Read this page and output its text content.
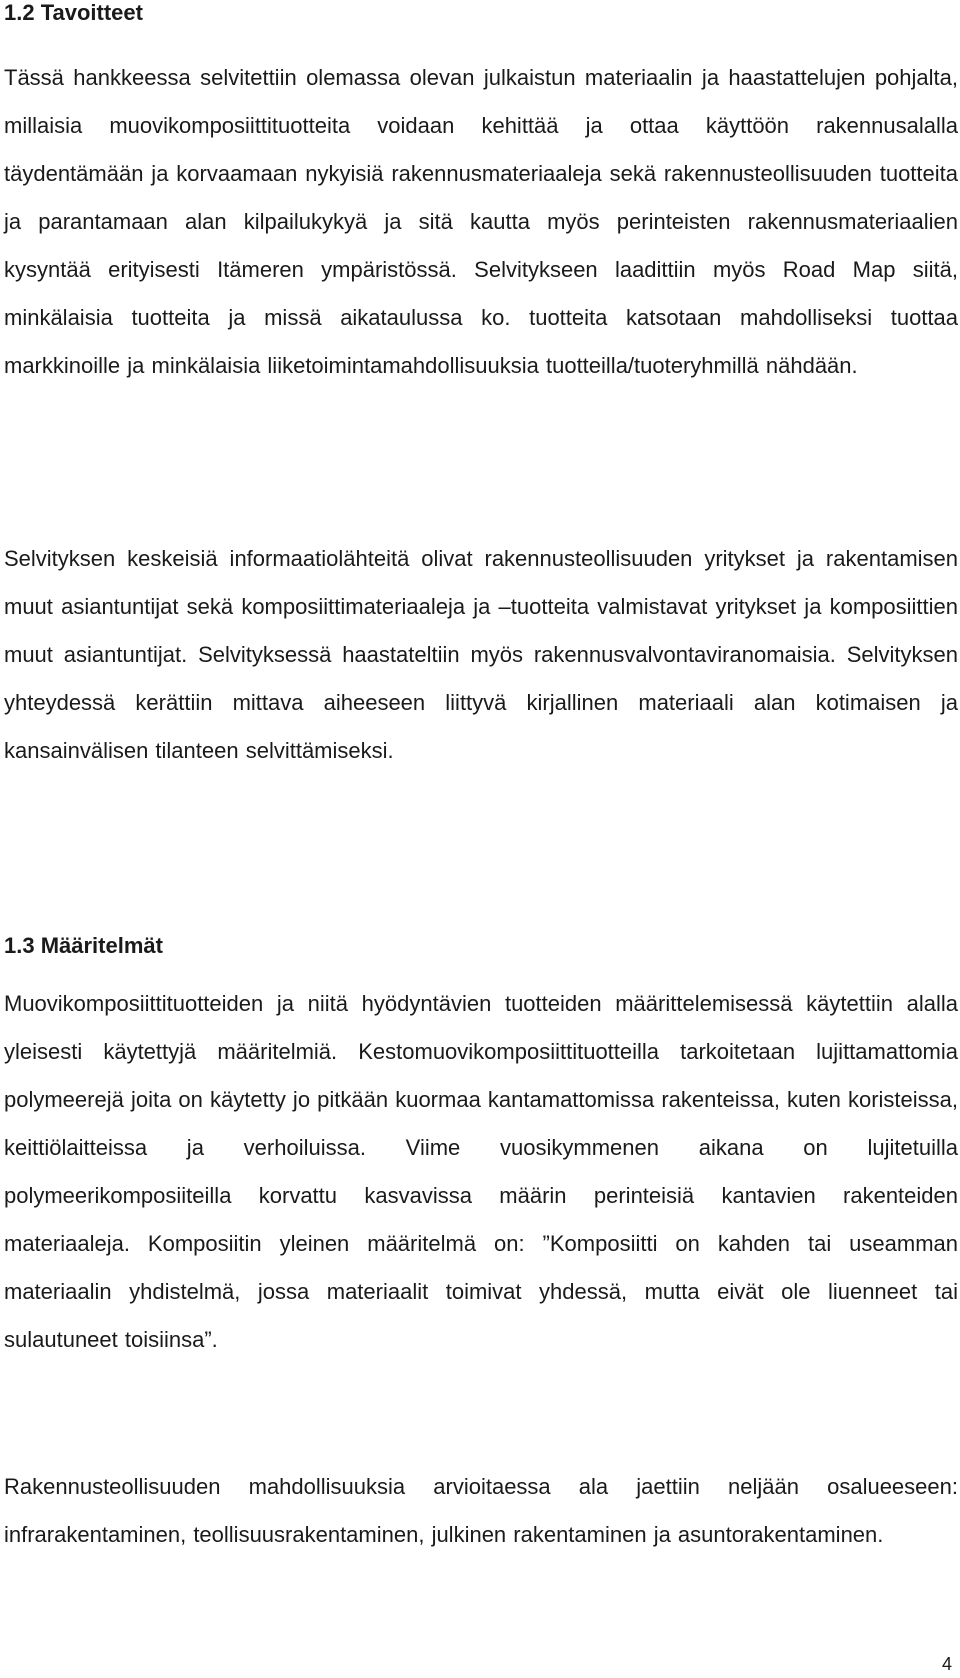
1.2 Tavoitteet

Tässä hankkeessa selvitettiin olemassa olevan julkaistun materiaalin ja haastattelujen pohjalta, millaisia muovikomposiittituotteita voidaan kehittää ja ottaa käyttöön rakennusalalla täydentämään ja korvaamaan nykyisiä rakennusmateriaaleja sekä rakennusteollisuuden tuotteita ja parantamaan alan kilpailukykyä ja sitä kautta myös perinteisten rakennusmateriaalien kysyntää erityisesti Itämeren ympäristössä. Selvitykseen laadittiin myös Road Map siitä, minkälaisia tuotteita ja missä aikataulussa ko. tuotteita katsotaan mahdolliseksi tuottaa markkinoille ja minkälaisia liiketoimintamahdollisuuksia tuotteilla/tuoteryhmillä nähdään.

Selvityksen keskeisiä informaatiolähteitä olivat rakennusteollisuuden yritykset ja rakentamisen muut asiantuntijat sekä komposiittimateriaaleja ja –tuotteita valmistavat yritykset ja komposiittien muut asiantuntijat. Selvityksessä haastateltiin myös rakennusvalvontaviranomaisia. Selvityksen yhteydessä kerättiin mittava aiheeseen liittyvä kirjallinen materiaali alan kotimaisen ja kansainvälisen tilanteen selvittämiseksi.

1.3 Määritelmät

Muovikomposiittituotteiden ja niitä hyödyntävien tuotteiden määrittelemisessä käytettiin alalla yleisesti käytettyjä määritelmiä. Kestomuovikomposiittituotteilla tarkoitetaan lujittamattomia polymeerejä joita on käytetty jo pitkään kuormaa kantamattomissa rakenteissa, kuten koristeissa, keittiölaitteissa ja verhoiluissa. Viime vuosikymmenen aikana on lujitetuilla polymeerikomposiiteilla korvattu kasvavissa määrin perinteisiä kantavien rakenteiden materiaaleja. Komposiitin yleinen määritelmä on: ”Komposiitti on kahden tai useamman materiaalin yhdistelmä, jossa materiaalit toimivat yhdessä, mutta eivät ole liuenneet tai sulautuneet toisiinsa”.

Rakennusteollisuuden mahdollisuuksia arvioitaessa ala jaettiin neljään osalueeseen: infrarakentaminen, teollisuusrakentaminen, julkinen rakentaminen ja asuntorakentaminen.

4
